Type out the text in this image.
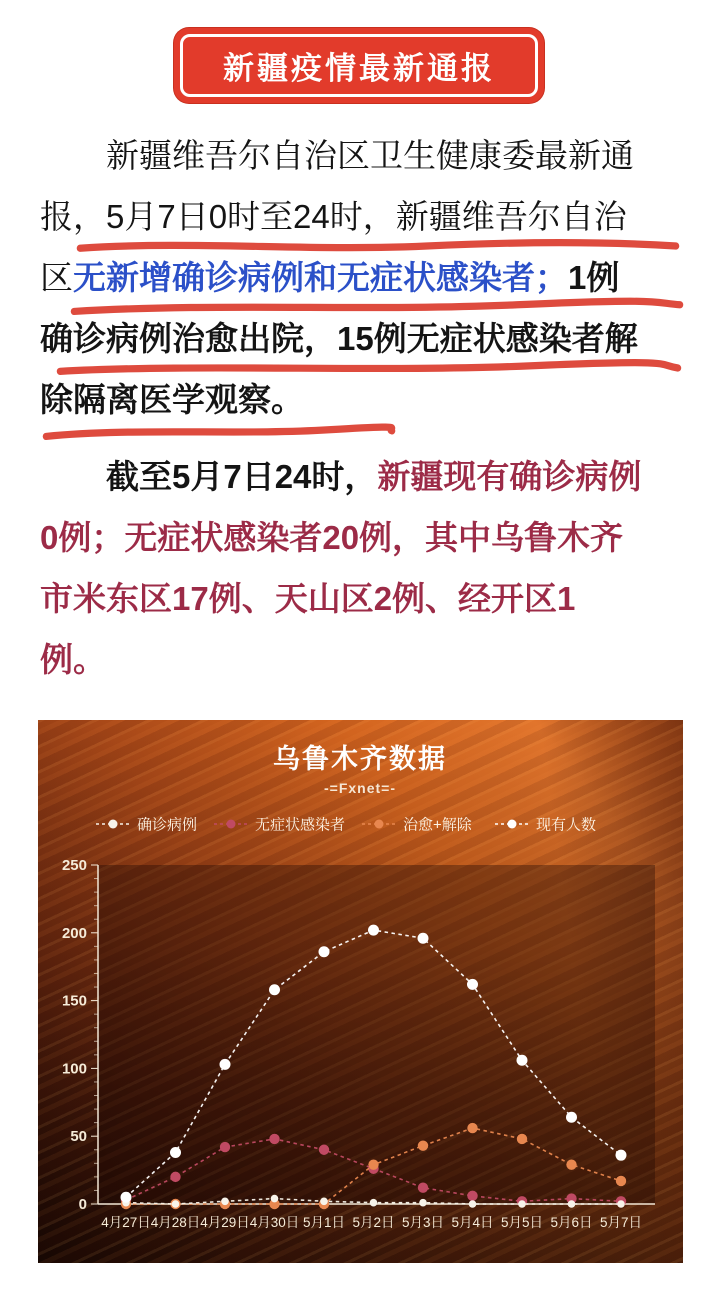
新疆疫情最新通报
新疆维吾尔自治区卫生健康委最新通
报，5月7日0时至24时，新疆维吾尔自治
区无新增确诊病例和无症状感染者；1例
确诊病例治愈出院，15例无症状感染者解
除隔离医学观察。
截至5月7日24时，新疆现有确诊病例
0例；无症状感染者20例，其中乌鲁木齐
市米东区17例、天山区2例、经开区1
例。
乌鲁木齐数据
-=Fxnet=-
确诊病例	无症状感染者	治愈+解除	现有人数
0
50
100
150
200
250
4月27日 4月28日 4月29日 4月30日 5月1日 5月2日 5月3日 5月4日 5月5日 5月6日 5月7日
